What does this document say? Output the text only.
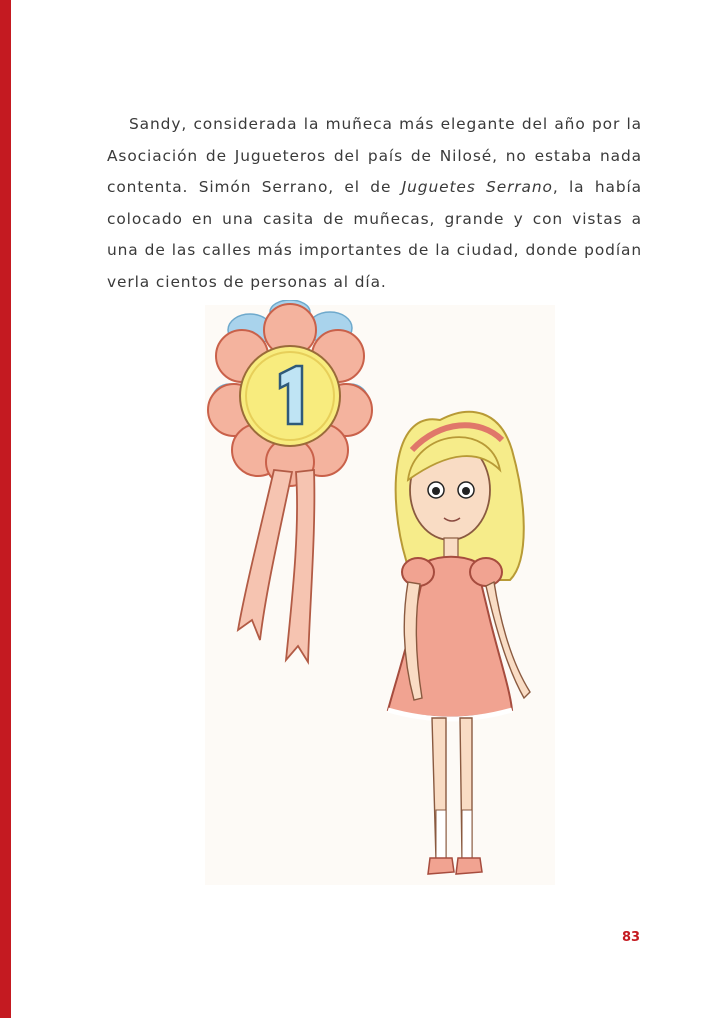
Sandy, considerada la muñeca más elegante del año por la Asociación de Jugueteros del país de Nilosé, no estaba nada contenta. Simón Serrano, el de Juguetes Serrano, la había colocado en una casita de muñecas, grande y con vistas a una de las calles más importantes de la ciudad, donde podían verla cientos de personas al día.

83
